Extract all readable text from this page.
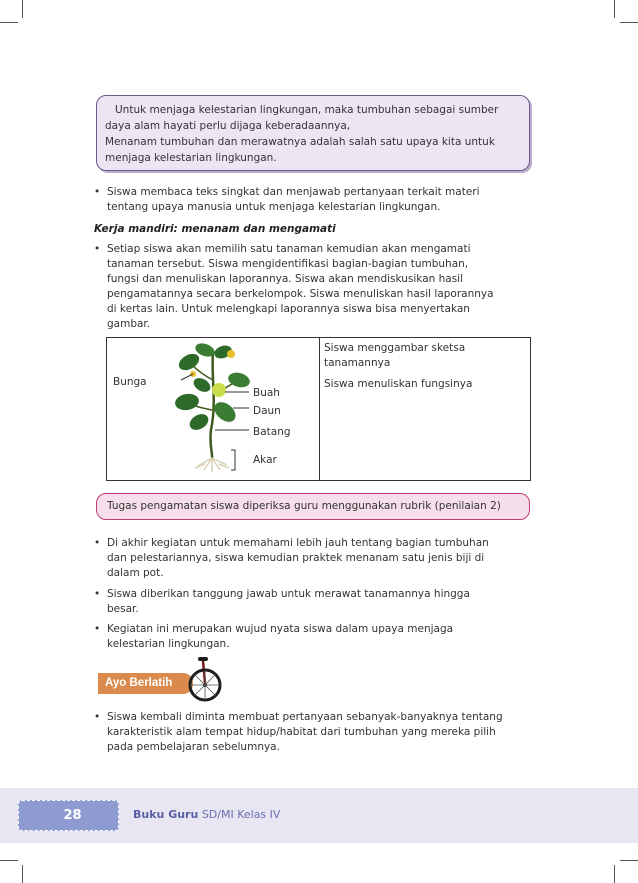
Untuk menjaga kelestarian lingkungan, maka tumbuhan sebagai sumber

daya alam hayati perlu dijaga keberadaannya,

Menanam tumbuhan dan merawatnya adalah salah satu upaya kita untuk

menjaga kelestarian lingkungan.

• Siswa membaca teks singkat dan menjawab pertanyaan terkait materi
tentang upaya manusia untuk menjaga kelestarian lingkungan.
Kerja mandiri: menanam dan mengamati
• Setiap siswa akan memilih satu tanaman kemudian akan mengamati
tanaman tersebut. Siswa mengidentifikasi bagian-bagian tumbuhan,
fungsi dan menuliskan laporannya. Siswa akan mendiskusikan hasil
pengamatannya secara berkelompok. Siswa menuliskan hasil laporannya
di kertas lain. Untuk melengkapi laporannya siswa bisa menyertakan
gambar.
Siswa menggambar sketsa
tanamannya
Siswa menuliskan fungsinya
Bunga
Buah
Daun
Batang
Akar
Tugas pengamatan siswa diperiksa guru menggunakan rubrik (penilaian 2)
• Di akhir kegiatan untuk memahami lebih jauh tentang bagian tumbuhan
dan pelestariannya, siswa kemudian praktek menanam satu jenis biji di
dalam pot.
• Siswa diberikan tanggung jawab untuk merawat tanamannya hingga
besar.
• Kegiatan ini merupakan wujud nyata siswa dalam upaya menjaga
kelestarian lingkungan.
Ayo Berlatih
• Siswa kembali diminta membuat pertanyaan sebanyak-banyaknya tentang
karakteristik alam tempat hidup/habitat dari tumbuhan yang mereka pilih
pada pembelajaran sebelumnya.
28	Buku Guru SD/MI Kelas IV
